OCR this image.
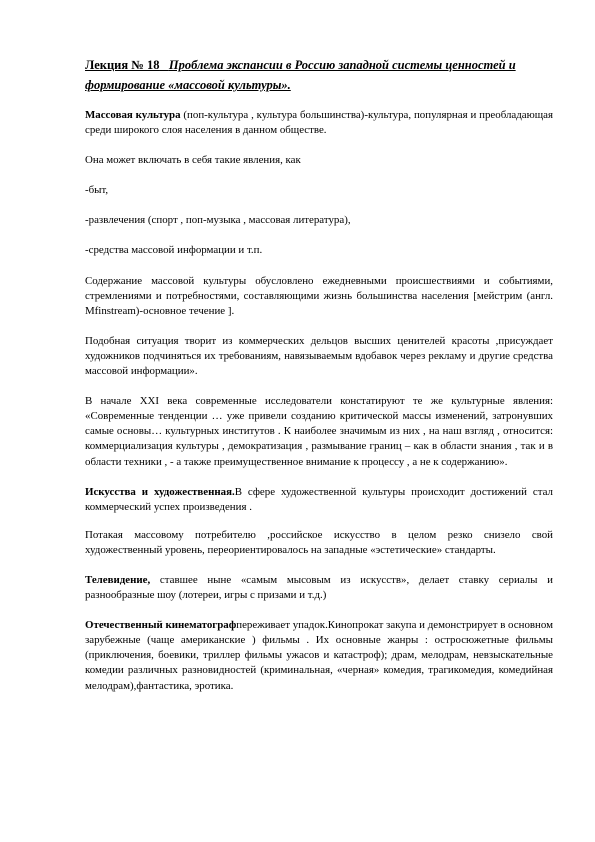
Лекция № 18 Проблема экспансии в Россию западной системы ценностей и формирование «массовой культуры».

Массовая культура (поп-культура , культура большинства)-культура, популярная и преобладающая среди широкого слоя населения в данном обществе.

Она может включать в себя такие явления, как

-быт,

-развлечения (спорт , поп-музыка , массовая литература),

-средства массовой информации и т.п.

Содержание массовой культуры обусловлено ежедневными происшествиями и событиями, стремлениями и потребностями, составляющими жизнь большинства населения [мейстрим (англ. Mfinstream)-основное течение ].

Подобная ситуация творит из коммерческих дельцов высших ценителей красоты ,присуждает художников подчиняться их требованиям, навязываемым вдобавок через рекламу и другие средства массовой информации».

В начале XXI века современные исследователи констатируют те же культурные явления: «Современные тенденции … уже привели созданию критической массы изменений, затронувших самые основы… культурных институтов . К наиболее значимым из них , на наш взгляд , относится: коммерциализация культуры , демократизация , размывание границ – как в области знания , так и в области техники , - а также преимущественное внимание к процессу , а не к содержанию».

Искусства и художественная.В сфере художественной культуры происходит достижений стал коммерческий успех произведения .

Потакая массовому потребителю ,российское искусство в целом резко снизело свой художественный уровень, переориентировалось на западные «эстетические» стандарты.

Телевидение, ставшее ныне «самым мысовым из искусств», делает ставку сериалы и разнообразные шоу (лотереи, игры с призами и т.д.)

Отечественный кинематографпереживает упадок.Кинопрокат закупа и демонстрирует в основном зарубежные (чаще американские ) фильмы . Их основные жанры : остросюжетные фильмы (приключения, боевики, триллер фильмы ужасов и катастроф); драм, мелодрам, невзыскательные комедии различных разновидностей (криминальная, «черная» комедия, трагикомедия, комедийная мелодрам),фантастика, эротика.
